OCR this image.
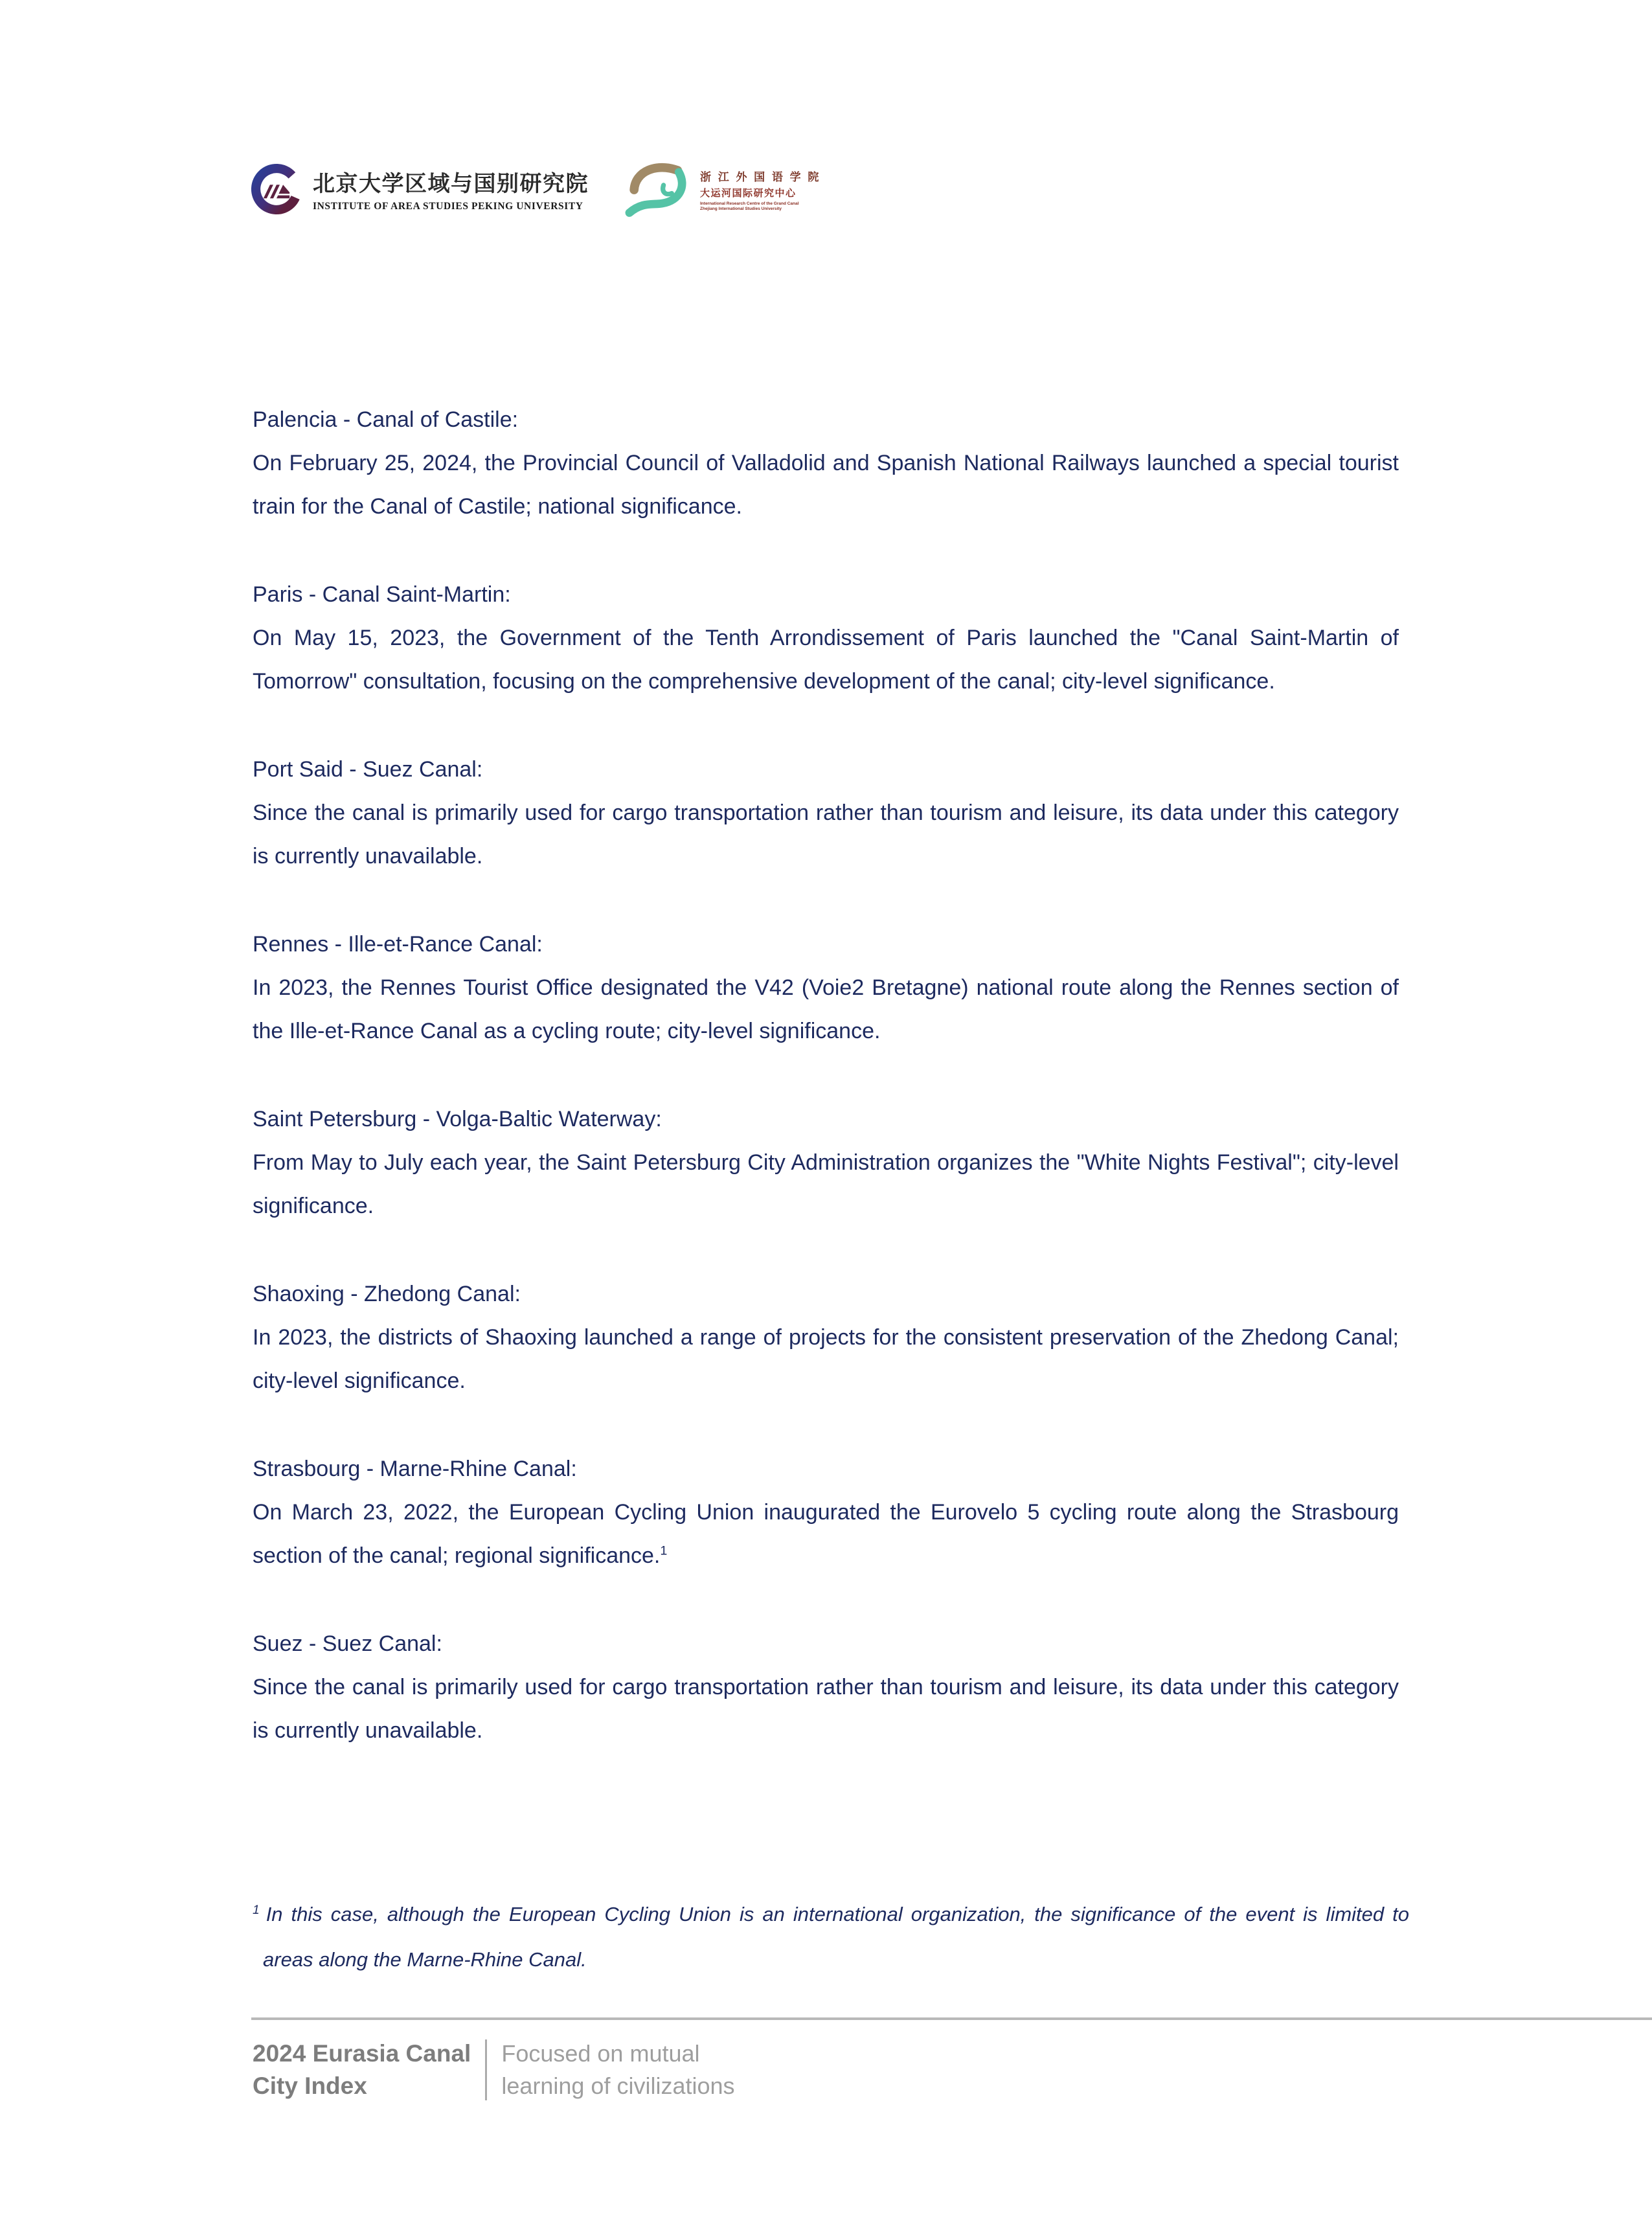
北京大学区域与国别研究院
INSTITUTE OF AREA STUDIES PEKING UNIVERSITY
浙 江 外 国 语 学 院
大运河国际研究中心
International Research Centre of the Grand Canal
Zhejiang International Studies University
Palencia - Canal of Castile:
On February 25, 2024, the Provincial Council of Valladolid and Spanish National Railways launched a special tourist train for the Canal of Castile; national significance.
Paris - Canal Saint-Martin:
On May 15, 2023, the Government of the Tenth Arrondissement of Paris launched the "Canal Saint-Martin of Tomorrow" consultation, focusing on the comprehensive development of the canal; city-level significance.
Port Said - Suez Canal:
Since the canal is primarily used for cargo transportation rather than tourism and leisure, its data under this category is currently unavailable.
Rennes - Ille-et-Rance Canal:
In 2023, the Rennes Tourist Office designated the V42 (Voie2 Bretagne) national route along the Rennes section of the Ille-et-Rance Canal as a cycling route; city-level significance.
Saint Petersburg - Volga-Baltic Waterway:
From May to July each year, the Saint Petersburg City Administration organizes the "White Nights Festival"; city-level significance.
Shaoxing - Zhedong Canal:
In 2023, the districts of Shaoxing launched a range of projects for the consistent preservation of the Zhedong Canal; city-level significance.
Strasbourg - Marne-Rhine Canal:
On March 23, 2022, the European Cycling Union inaugurated the Eurovelo 5 cycling route along the Strasbourg section of the canal; regional significance.$^1$
Suez - Suez Canal:
Since the canal is primarily used for cargo transportation rather than tourism and leisure, its data under this category is currently unavailable.
$^1$ In this case, although the European Cycling Union is an international organization, the significance of the event is limited to areas along the Marne-Rhine Canal.
2024 Eurasia Canal
City Index
Focused on mutual
learning of civilizations
